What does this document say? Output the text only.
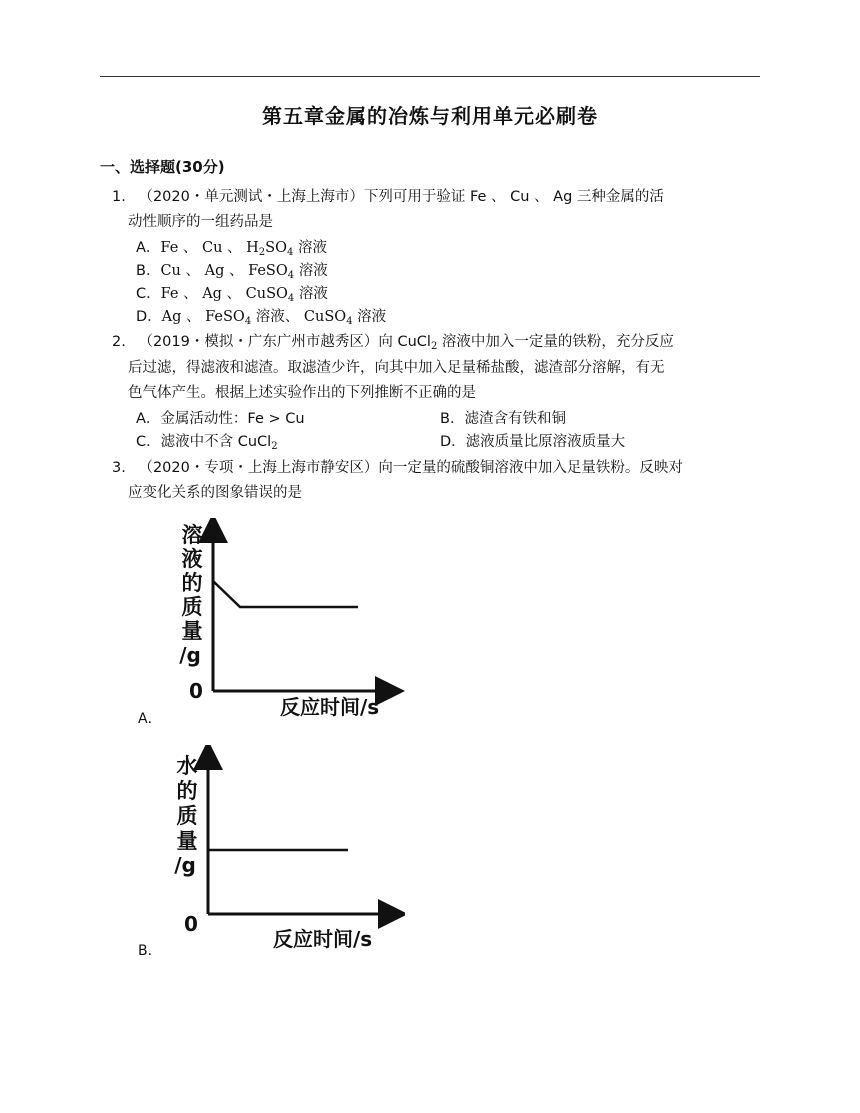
第五章金属的冶炼与利用单元必刷卷
一、选择题(30分)
1. （2020・单元测试・上海上海市）下列可用于验证 Fe 、 Cu 、 Ag 三种金属的活
动性顺序的一组药品是
A．Fe 、 Cu 、 $H_2SO_4$ 溶液
B．Cu 、 Ag 、 FeSO$_4$ 溶液
C．Fe 、 Ag 、 CuSO$_4$ 溶液
D．Ag 、 FeSO$_4$ 溶液、 CuSO$_4$ 溶液
2. （2019・模拟・广东广州市越秀区）向 CuCl$_2$ 溶液中加入一定量的铁粉，充分反应
后过滤，得滤液和滤渣。取滤渣少许，向其中加入足量稀盐酸，滤渣部分溶解，有无
色气体产生。根据上述实验作出的下列推断不正确的是
A．金属活动性：Fe > Cu	B．滤渣含有铁和铜
C．滤液中不含 CuCl$_2$	D．滤液质量比原溶液质量大
3. （2020・专项・上海上海市静安区）向一定量的硫酸铜溶液中加入足量铁粉。反映对
应变化关系的图象错误的是
溶
液
的
质
量
/g
0
反应时间/s
A．
水
的
质
量
/g
0
反应时间/s
B．
